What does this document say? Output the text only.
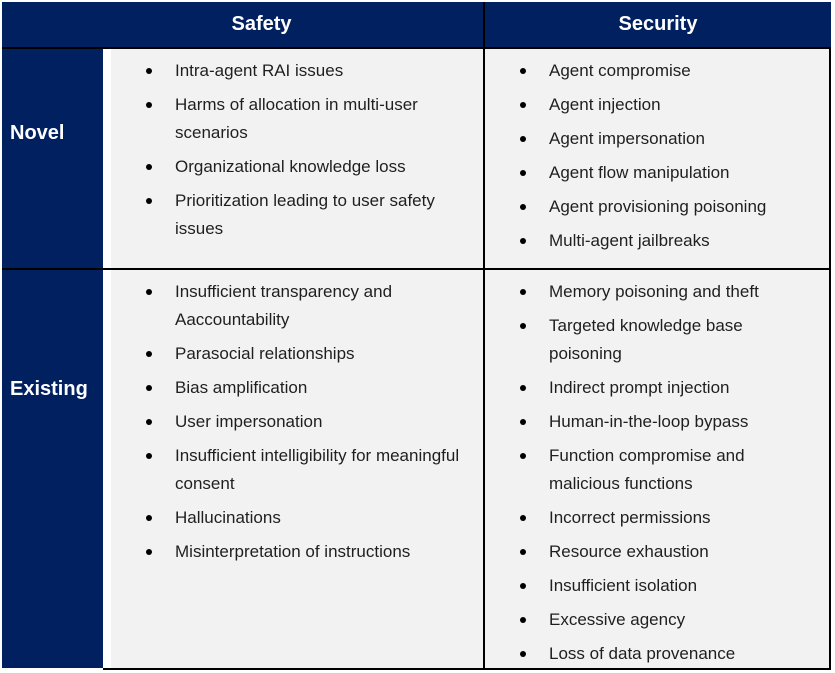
Safety	Security
Novel
Intra-agent RAI issues
Harms of allocation in multi-user scenarios
Organizational knowledge loss
Prioritization leading to user safety issues
Agent compromise
Agent injection
Agent impersonation
Agent flow manipulation
Agent provisioning poisoning
Multi-agent jailbreaks
Existing
Insufficient transparency and Aaccountability
Parasocial relationships
Bias amplification
User impersonation
Insufficient intelligibility for meaningful consent
Hallucinations
Misinterpretation of instructions
Memory poisoning and theft
Targeted knowledge base poisoning
Indirect prompt injection
Human-in-the-loop bypass
Function compromise and malicious functions
Incorrect permissions
Resource exhaustion
Insufficient isolation
Excessive agency
Loss of data provenance
